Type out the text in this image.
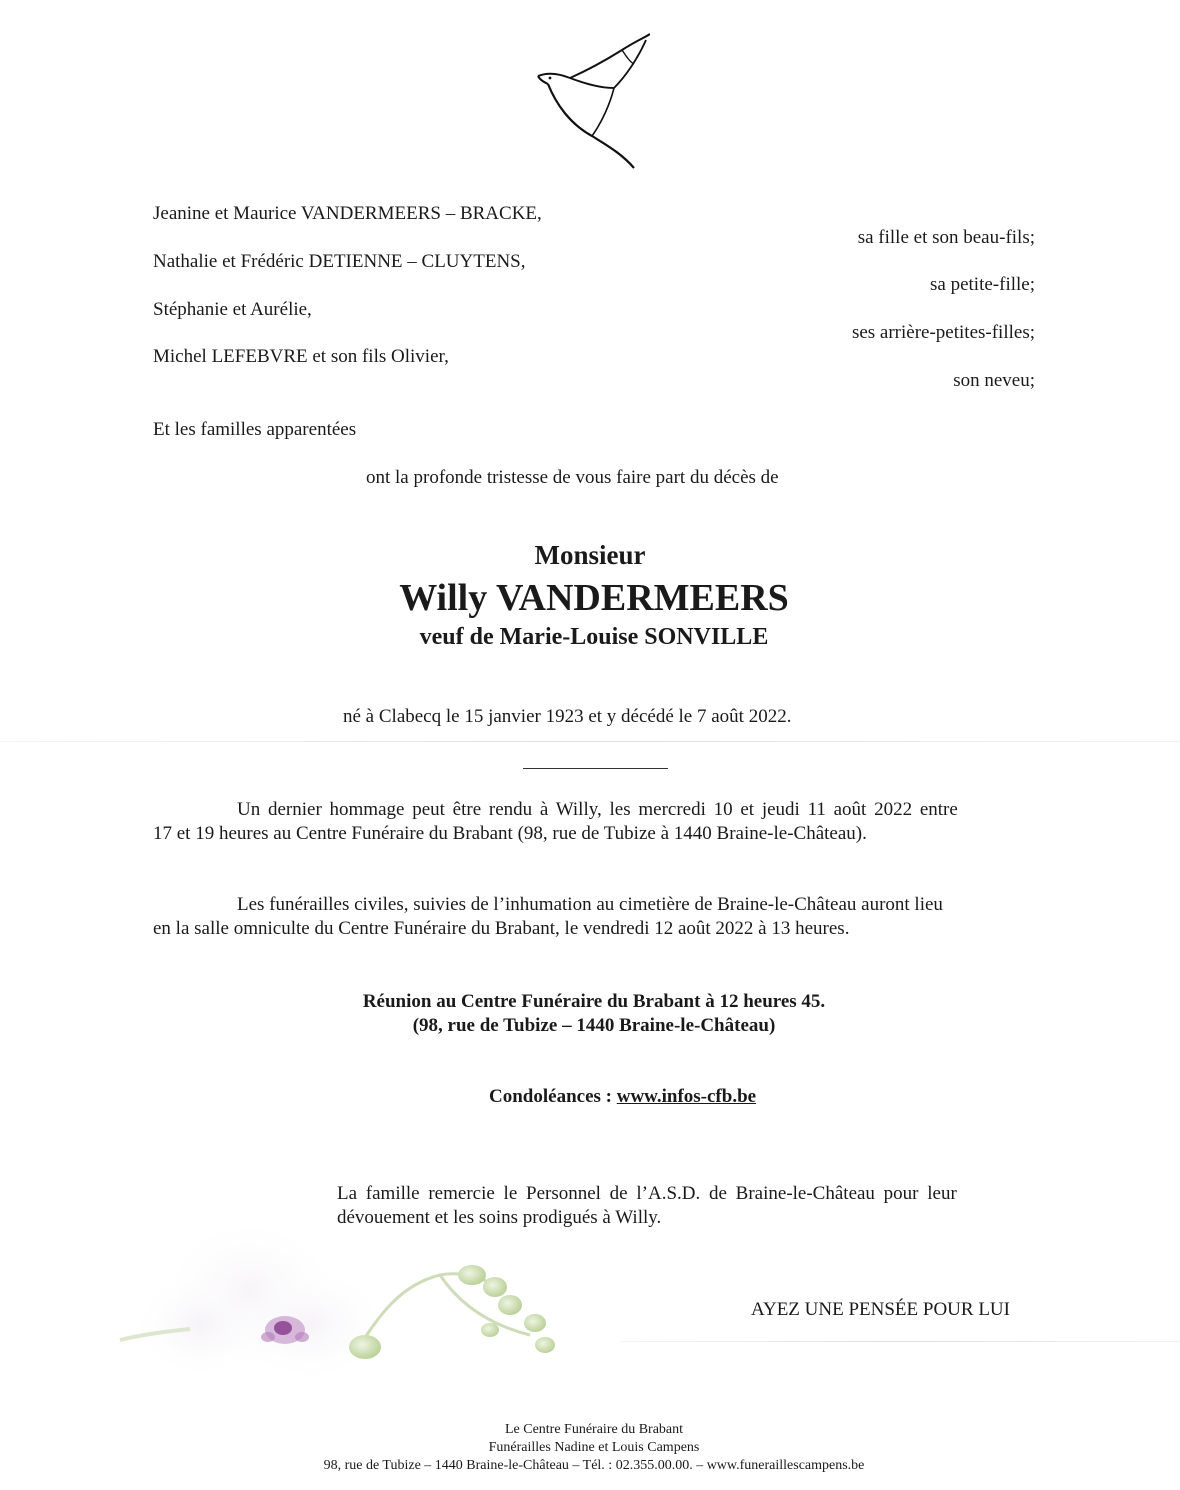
Jeanine et Maurice VANDERMEERS – BRACKE,
sa fille et son beau-fils;
Nathalie et Frédéric DETIENNE – CLUYTENS,
sa petite-fille;
Stéphanie et Aurélie,
ses arrière-petites-filles;
Michel LEFEBVRE et son fils Olivier,
son neveu;
Et les familles apparentées
ont la profonde tristesse de vous faire part du décès de
Monsieur
Willy VANDERMEERS
veuf de Marie-Louise SONVILLE
né à Clabecq le 15 janvier 1923 et y décédé le 7 août 2022.
Un dernier hommage peut être rendu à Willy, les mercredi 10 et jeudi 11 août 2022 entre
17 et 19 heures au Centre Funéraire du Brabant (98, rue de Tubize à 1440 Braine-le-Château).
Les funérailles civiles, suivies de l’inhumation au cimetière de Braine-le-Château auront lieu
en la salle omniculte du Centre Funéraire du Brabant, le vendredi 12 août 2022 à 13 heures.
Réunion au Centre Funéraire du Brabant à 12 heures 45.
(98, rue de Tubize – 1440 Braine-le-Château)
Condoléances : www.infos-cfb.be
La famille remercie le Personnel de l’A.S.D. de Braine-le-Château pour leur
dévouement et les soins prodigués à Willy.
AYEZ UNE PENSÉE POUR LUI
Le Centre Funéraire du Brabant
Funérailles Nadine et Louis Campens
98, rue de Tubize – 1440 Braine-le-Château – Tél. : 02.355.00.00. – www.funeraillescampens.be
